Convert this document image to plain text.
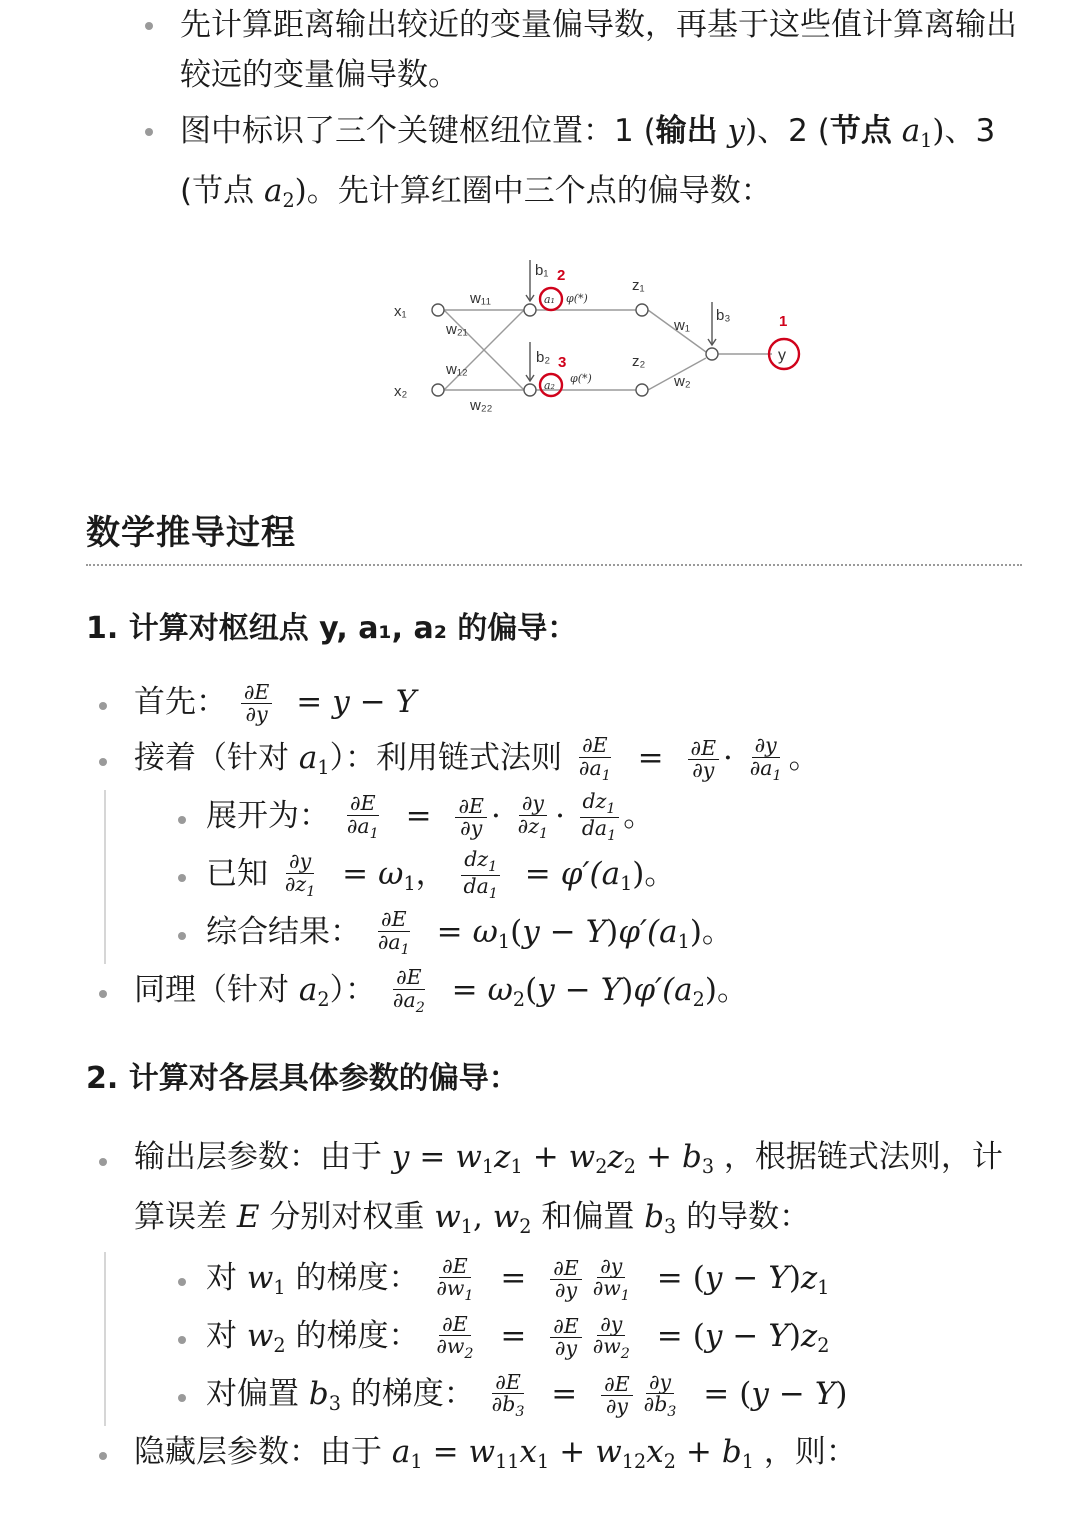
先计算距离输出较近的变量偏导数，再基于这些值计算离输出较远的变量偏导数。
图中标识了三个关键枢纽位置：1 (输出 y)、2 (节点 $a_1$)、3
(节点 $a_2$)。先计算红圈中三个点的偏导数：
x₁
x₂
w₁₁
w₂₁
w₁₂
w₂₂
b₁
b₂
b₃
z₁
z₂
w₁
w₂
a₁
a₂
φ(*)
φ(*)
y
1
2
3
数学推导过程
1. 计算对枢纽点 y, a₁, a₂ 的偏导：
首先： $\frac{\partial E}{\partial y} = y - Y$
接着（针对 $a_1$）：利用链式法则 $\frac{\partial E}{\partial a_1} = \frac{\partial E}{\partial y} \cdot \frac{\partial y}{\partial a_1}$ 。
展开为： $\frac{\partial E}{\partial a_1} = \frac{\partial E}{\partial y} \cdot \frac{\partial y}{\partial z_1} \cdot \frac{dz_1}{da_1}$ 。
已知 $\frac{\partial y}{\partial z_1} = \omega_1$， $\frac{dz_1}{da_1} = \varphi'(a_1)$。
综合结果： $\frac{\partial E}{\partial a_1} = \omega_1(y - Y)\varphi'(a_1)$。
同理（针对 $a_2$）： $\frac{\partial E}{\partial a_2} = \omega_2(y - Y)\varphi'(a_2)$。
2. 计算对各层具体参数的偏导：
输出层参数：由于 $y = w_1z_1 + w_2z_2 + b_3$ ，根据链式法则，计
算误差 E 分别对权重 $w_1$, $w_2$ 和偏置 $b_3$ 的导数：
对 $w_1$ 的梯度： $\frac{\partial E}{\partial w_1} = \frac{\partial E}{\partial y} \frac{\partial y}{\partial w_1} = (y - Y)z_1$
对 $w_2$ 的梯度： $\frac{\partial E}{\partial w_2} = \frac{\partial E}{\partial y} \frac{\partial y}{\partial w_2} = (y - Y)z_2$
对偏置 $b_3$ 的梯度： $\frac{\partial E}{\partial b_3} = \frac{\partial E}{\partial y} \frac{\partial y}{\partial b_3} = (y - Y)$
隐藏层参数：由于 $a_1 = w_{11}x_1 + w_{12}x_2 + b_1$ ，则：
